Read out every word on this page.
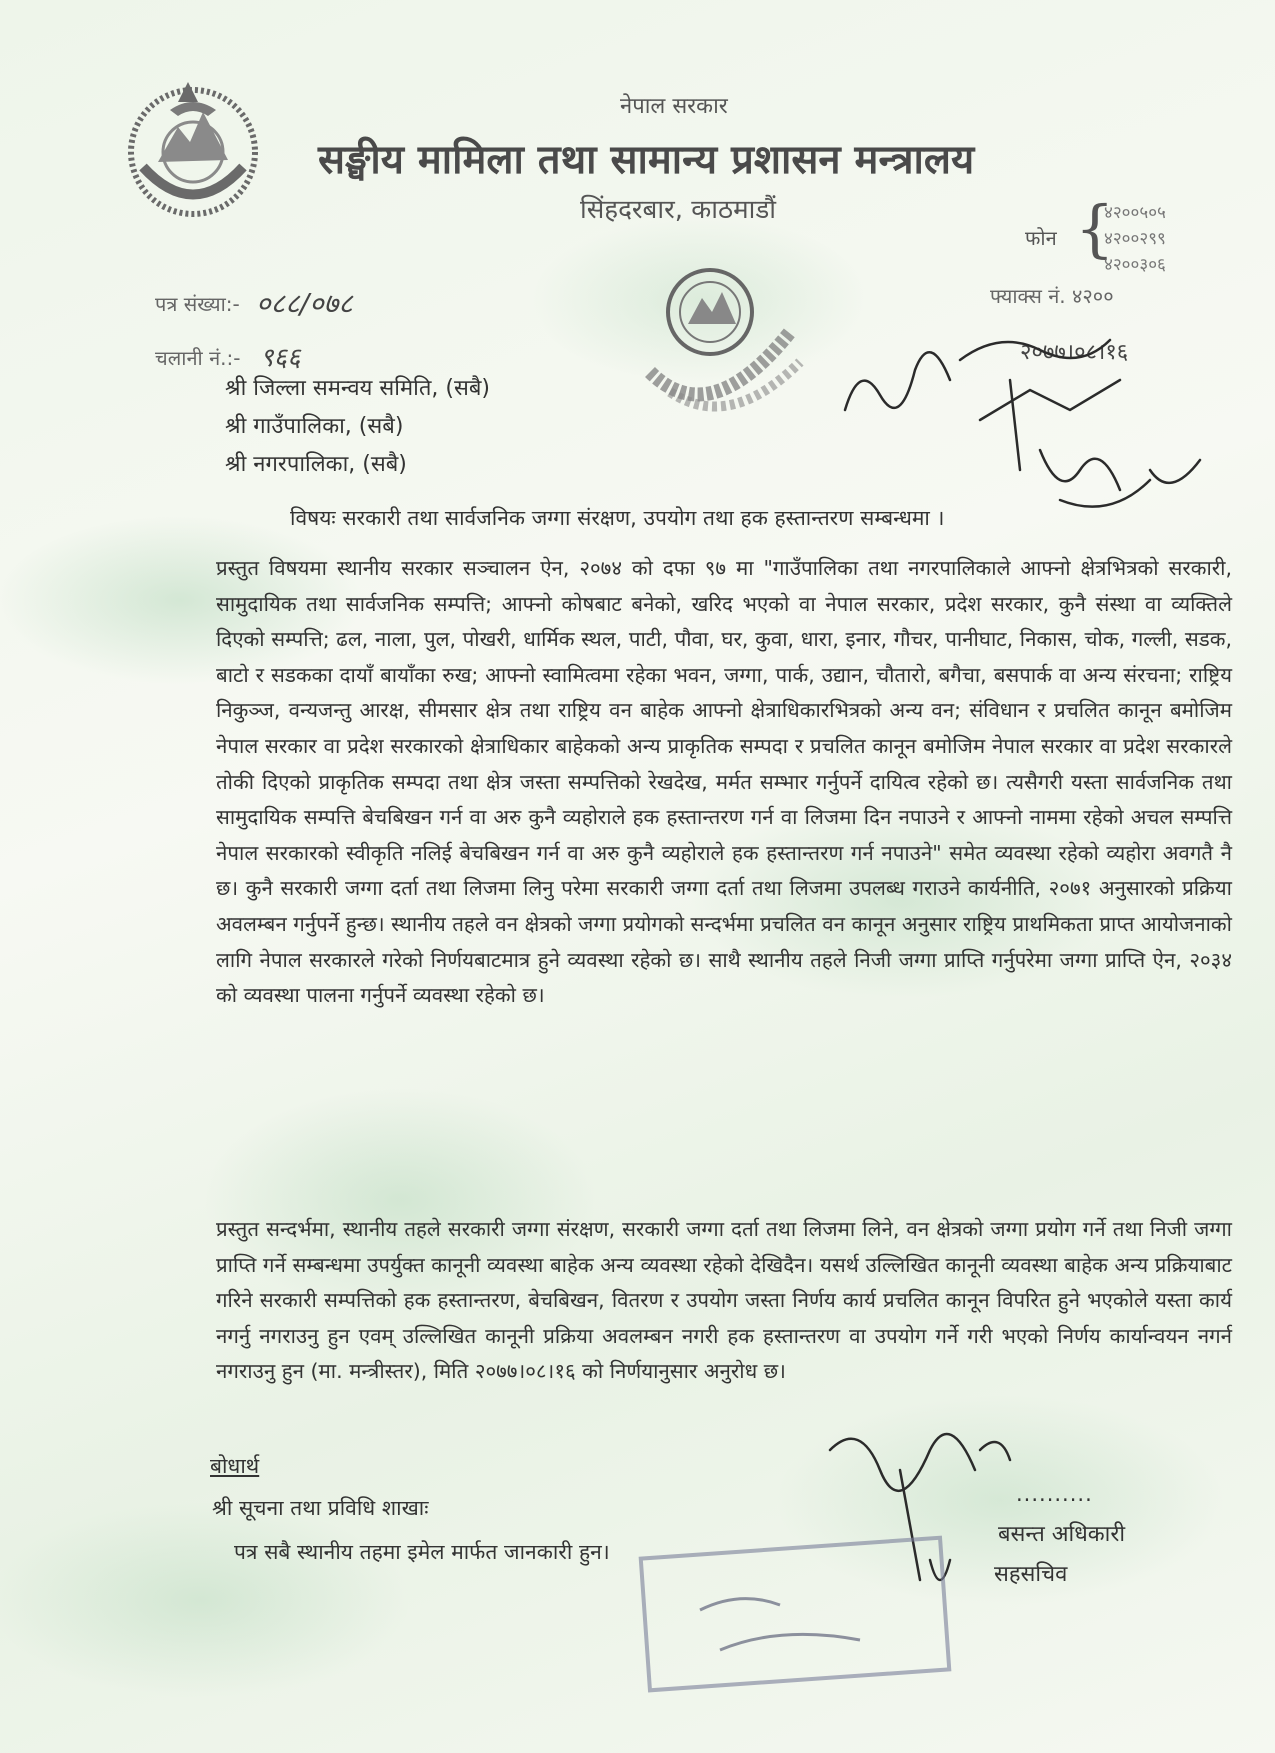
नेपाल सरकार
सङ्घीय मामिला तथा सामान्य प्रशासन मन्त्रालय
सिंहदरबार, काठमाडौं
फोन {
४२००५०५
४२००२९९
४२००३०६
फ्याक्स नं. ४२००
पत्र संख्या:- ०८८/०७८
चलानी नं.:- ९६६	२०७७।०८।१६
श्री जिल्ला समन्वय समिति, (सबै)
श्री गाउँपालिका, (सबै)
श्री नगरपालिका, (सबै)
विषयः सरकारी तथा सार्वजनिक जग्गा संरक्षण, उपयोग तथा हक हस्तान्तरण सम्बन्धमा ।
प्रस्तुत विषयमा स्थानीय सरकार सञ्चालन ऐन, २०७४ को दफा ९७ मा "गाउँपालिका तथा नगरपालिकाले आफ्नो क्षेत्रभित्रको सरकारी, सामुदायिक तथा सार्वजनिक सम्पत्ति; आफ्नो कोषबाट बनेको, खरिद भएको वा नेपाल सरकार, प्रदेश सरकार, कुनै संस्था वा व्यक्तिले दिएको सम्पत्ति; ढल, नाला, पुल, पोखरी, धार्मिक स्थल, पाटी, पौवा, घर, कुवा, धारा, इनार, गौचर, पानीघाट, निकास, चोक, गल्ली, सडक, बाटो र सडकका दायाँ बायाँका रुख; आफ्नो स्वामित्वमा रहेका भवन, जग्गा, पार्क, उद्यान, चौतारो, बगैचा, बसपार्क वा अन्य संरचना; राष्ट्रिय निकुञ्ज, वन्यजन्तु आरक्ष, सीमसार क्षेत्र तथा राष्ट्रिय वन बाहेक आफ्नो क्षेत्राधिकारभित्रको अन्य वन; संविधान र प्रचलित कानून बमोजिम नेपाल सरकार वा प्रदेश सरकारको क्षेत्राधिकार बाहेकको अन्य प्राकृतिक सम्पदा र प्रचलित कानून बमोजिम नेपाल सरकार वा प्रदेश सरकारले तोकी दिएको प्राकृतिक सम्पदा तथा क्षेत्र जस्ता सम्पत्तिको रेखदेख, मर्मत सम्भार गर्नुपर्ने दायित्व रहेको छ। त्यसैगरी यस्ता सार्वजनिक तथा सामुदायिक सम्पत्ति बेचबिखन गर्न वा अरु कुनै व्यहोराले हक हस्तान्तरण गर्न वा लिजमा दिन नपाउने र आफ्नो नाममा रहेको अचल सम्पत्ति नेपाल सरकारको स्वीकृति नलिई बेचबिखन गर्न वा अरु कुनै व्यहोराले हक हस्तान्तरण गर्न नपाउने" समेत व्यवस्था रहेको व्यहोरा अवगतै नै छ। कुनै सरकारी जग्गा दर्ता तथा लिजमा लिनु परेमा सरकारी जग्गा दर्ता तथा लिजमा उपलब्ध गराउने कार्यनीति, २०७१ अनुसारको प्रक्रिया अवलम्बन गर्नुपर्ने हुन्छ। स्थानीय तहले वन क्षेत्रको जग्गा प्रयोगको सन्दर्भमा प्रचलित वन कानून अनुसार राष्ट्रिय प्राथमिकता प्राप्त आयोजनाको लागि नेपाल सरकारले गरेको निर्णयबाटमात्र हुने व्यवस्था रहेको छ। साथै स्थानीय तहले निजी जग्गा प्राप्ति गर्नुपरेमा जग्गा प्राप्ति ऐन, २०३४ को व्यवस्था पालना गर्नुपर्ने व्यवस्था रहेको छ।
प्रस्तुत सन्दर्भमा, स्थानीय तहले सरकारी जग्गा संरक्षण, सरकारी जग्गा दर्ता तथा लिजमा लिने, वन क्षेत्रको जग्गा प्रयोग गर्ने तथा निजी जग्गा प्राप्ति गर्ने सम्बन्धमा उपर्युक्त कानूनी व्यवस्था बाहेक अन्य व्यवस्था रहेको देखिदैन। यसर्थ उल्लिखित कानूनी व्यवस्था बाहेक अन्य प्रक्रियाबाट गरिने सरकारी सम्पत्तिको हक हस्तान्तरण, बेचबिखन, वितरण र उपयोग जस्ता निर्णय कार्य प्रचलित कानून विपरित हुने भएकोले यस्ता कार्य नगर्नु नगराउनु हुन एवम् उल्लिखित कानूनी प्रक्रिया अवलम्बन नगरी हक हस्तान्तरण वा उपयोग गर्ने गरी भएको निर्णय कार्यान्वयन नगर्न नगराउनु हुन (मा. मन्त्रीस्तर), मिति २०७७।०८।१६ को निर्णयानुसार अनुरोध छ।
बोधार्थ
श्री सूचना तथा प्रविधि शाखाः
पत्र सबै स्थानीय तहमा इमेल मार्फत जानकारी हुन।
..........
बसन्त अधिकारी
सहसचिव
